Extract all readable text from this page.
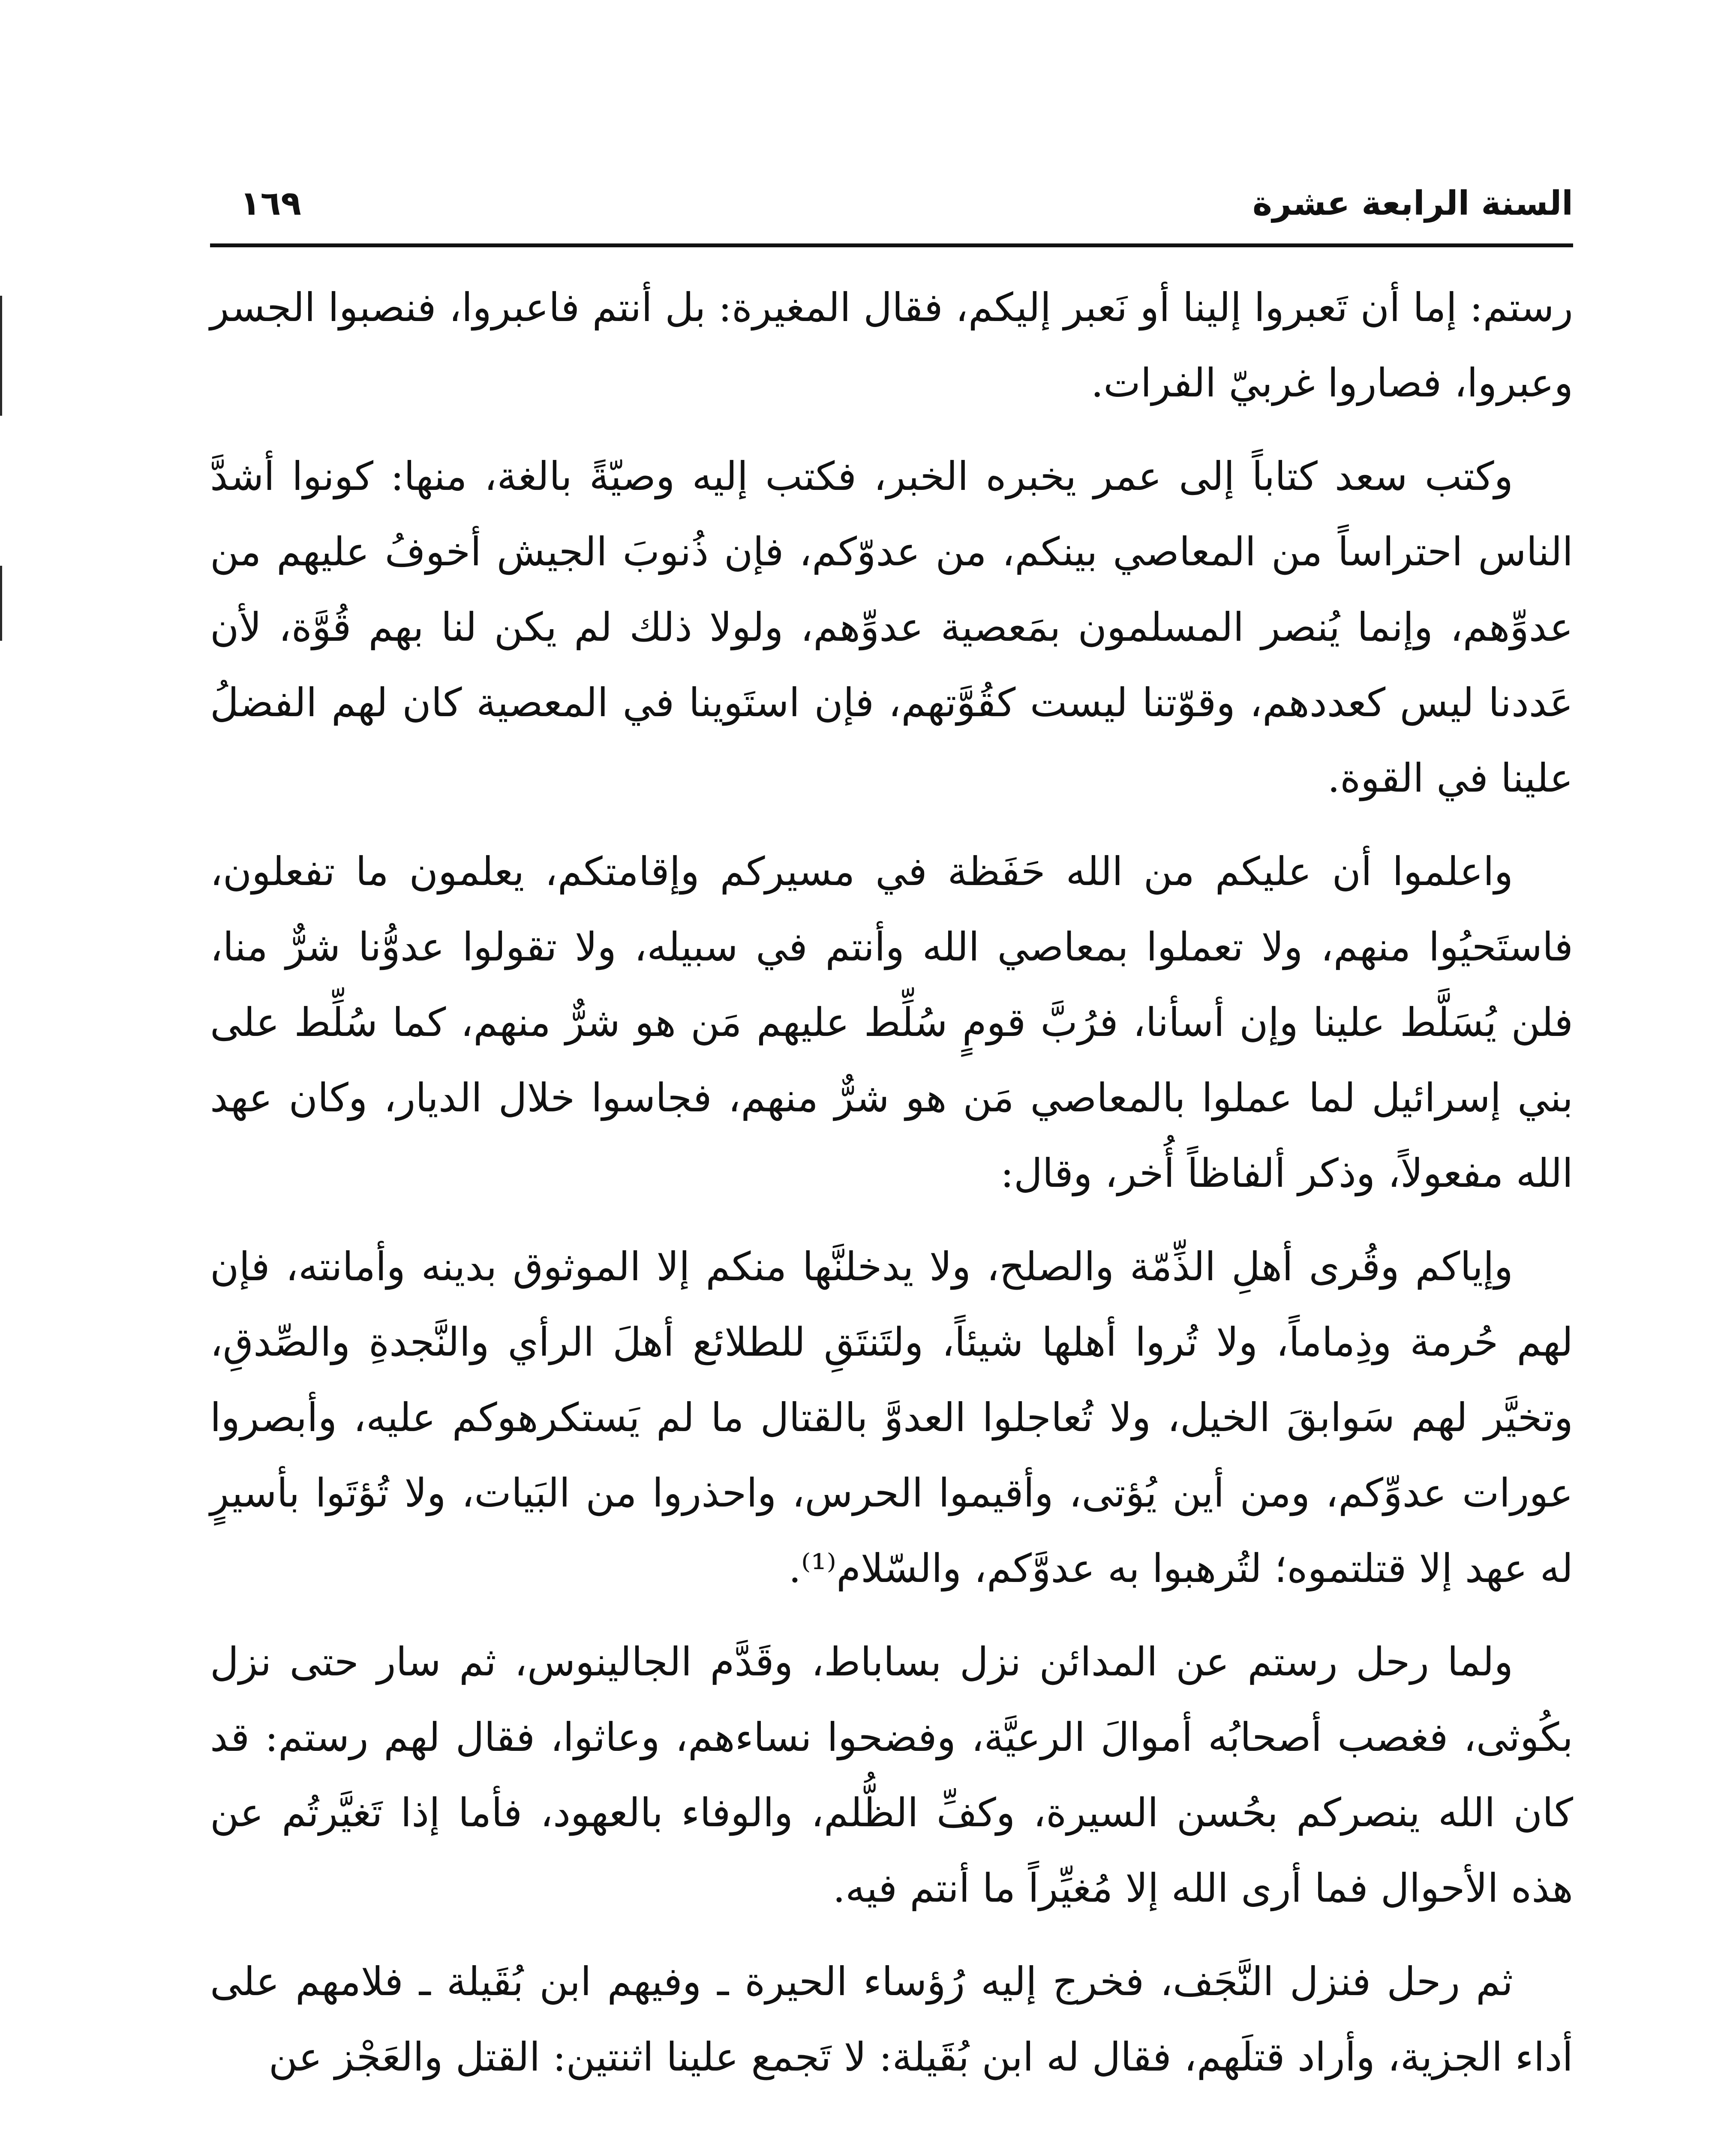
السنة الرابعة عشرة
١٦٩

رستم: إما أن تَعبروا إلينا أو نَعبر إليكم، فقال المغيرة: بل أنتم فاعبروا، فنصبوا الجسر وعبروا، فصاروا غربيّ الفرات.

وكتب سعد كتاباً إلى عمر يخبره الخبر، فكتب إليه وصيّةً بالغة، منها: كونوا أشدَّ الناس احتراساً من المعاصي بينكم، من عدوّكم، فإن ذُنوبَ الجيش أخوفُ عليهم من عدوِّهم، وإنما يُنصر المسلمون بمَعصية عدوِّهم، ولولا ذلك لم يكن لنا بهم قُوَّة، لأن عَددنا ليس كعددهم، وقوّتنا ليست كقُوَّتهم، فإن استَوينا في المعصية كان لهم الفضلُ علينا في القوة.

واعلموا أن عليكم من الله حَفَظة في مسيركم وإقامتكم، يعلمون ما تفعلون، فاستَحيُوا منهم، ولا تعملوا بمعاصي الله وأنتم في سبيله، ولا تقولوا عدوُّنا شرٌّ منا، فلن يُسَلَّط علينا وإن أسأنا، فرُبَّ قومٍ سُلِّط عليهم مَن هو شرٌّ منهم، كما سُلِّط على بني إسرائيل لما عملوا بالمعاصي مَن هو شرٌّ منهم، فجاسوا خلال الديار، وكان عهد الله مفعولاً، وذكر ألفاظاً أُخر، وقال:

وإياكم وقُرى أهلِ الذِّمّة والصلح، ولا يدخلنَّها منكم إلا الموثوق بدينه وأمانته، فإن لهم حُرمة وذِماماً، ولا تُروا أهلها شيئاً، ولتَنتَقِ للطلائع أهلَ الرأي والنَّجدةِ والصِّدقِ، وتخيَّر لهم سَوابقَ الخيل، ولا تُعاجلوا العدوَّ بالقتال ما لم يَستكرهوكم عليه، وأبصروا عورات عدوِّكم، ومن أين يُؤتى، وأقيموا الحرس، واحذروا من البَيات، ولا تُؤتَوا بأسيرٍ له عهد إلا قتلتموه؛ لتُرهبوا به عدوَّكم، والسّلام⁽¹⁾.

ولما رحل رستم عن المدائن نزل بساباط، وقَدَّم الجالينوس، ثم سار حتى نزل بكُوثى، فغصب أصحابُه أموالَ الرعيَّة، وفضحوا نساءهم، وعاثوا، فقال لهم رستم: قد كان الله ينصركم بحُسن السيرة، وكفِّ الظُّلم، والوفاء بالعهود، فأما إذا تَغيَّرتُم عن هذه الأحوال فما أرى الله إلا مُغيِّراً ما أنتم فيه.

ثم رحل فنزل النَّجَف، فخرج إليه رُؤساء الحيرة ـ وفيهم ابن بُقَيلة ـ فلامهم على أداء الجزية، وأراد قتلَهم، فقال له ابن بُقَيلة: لا تَجمع علينا اثنتين: القتل والعَجْز عن
